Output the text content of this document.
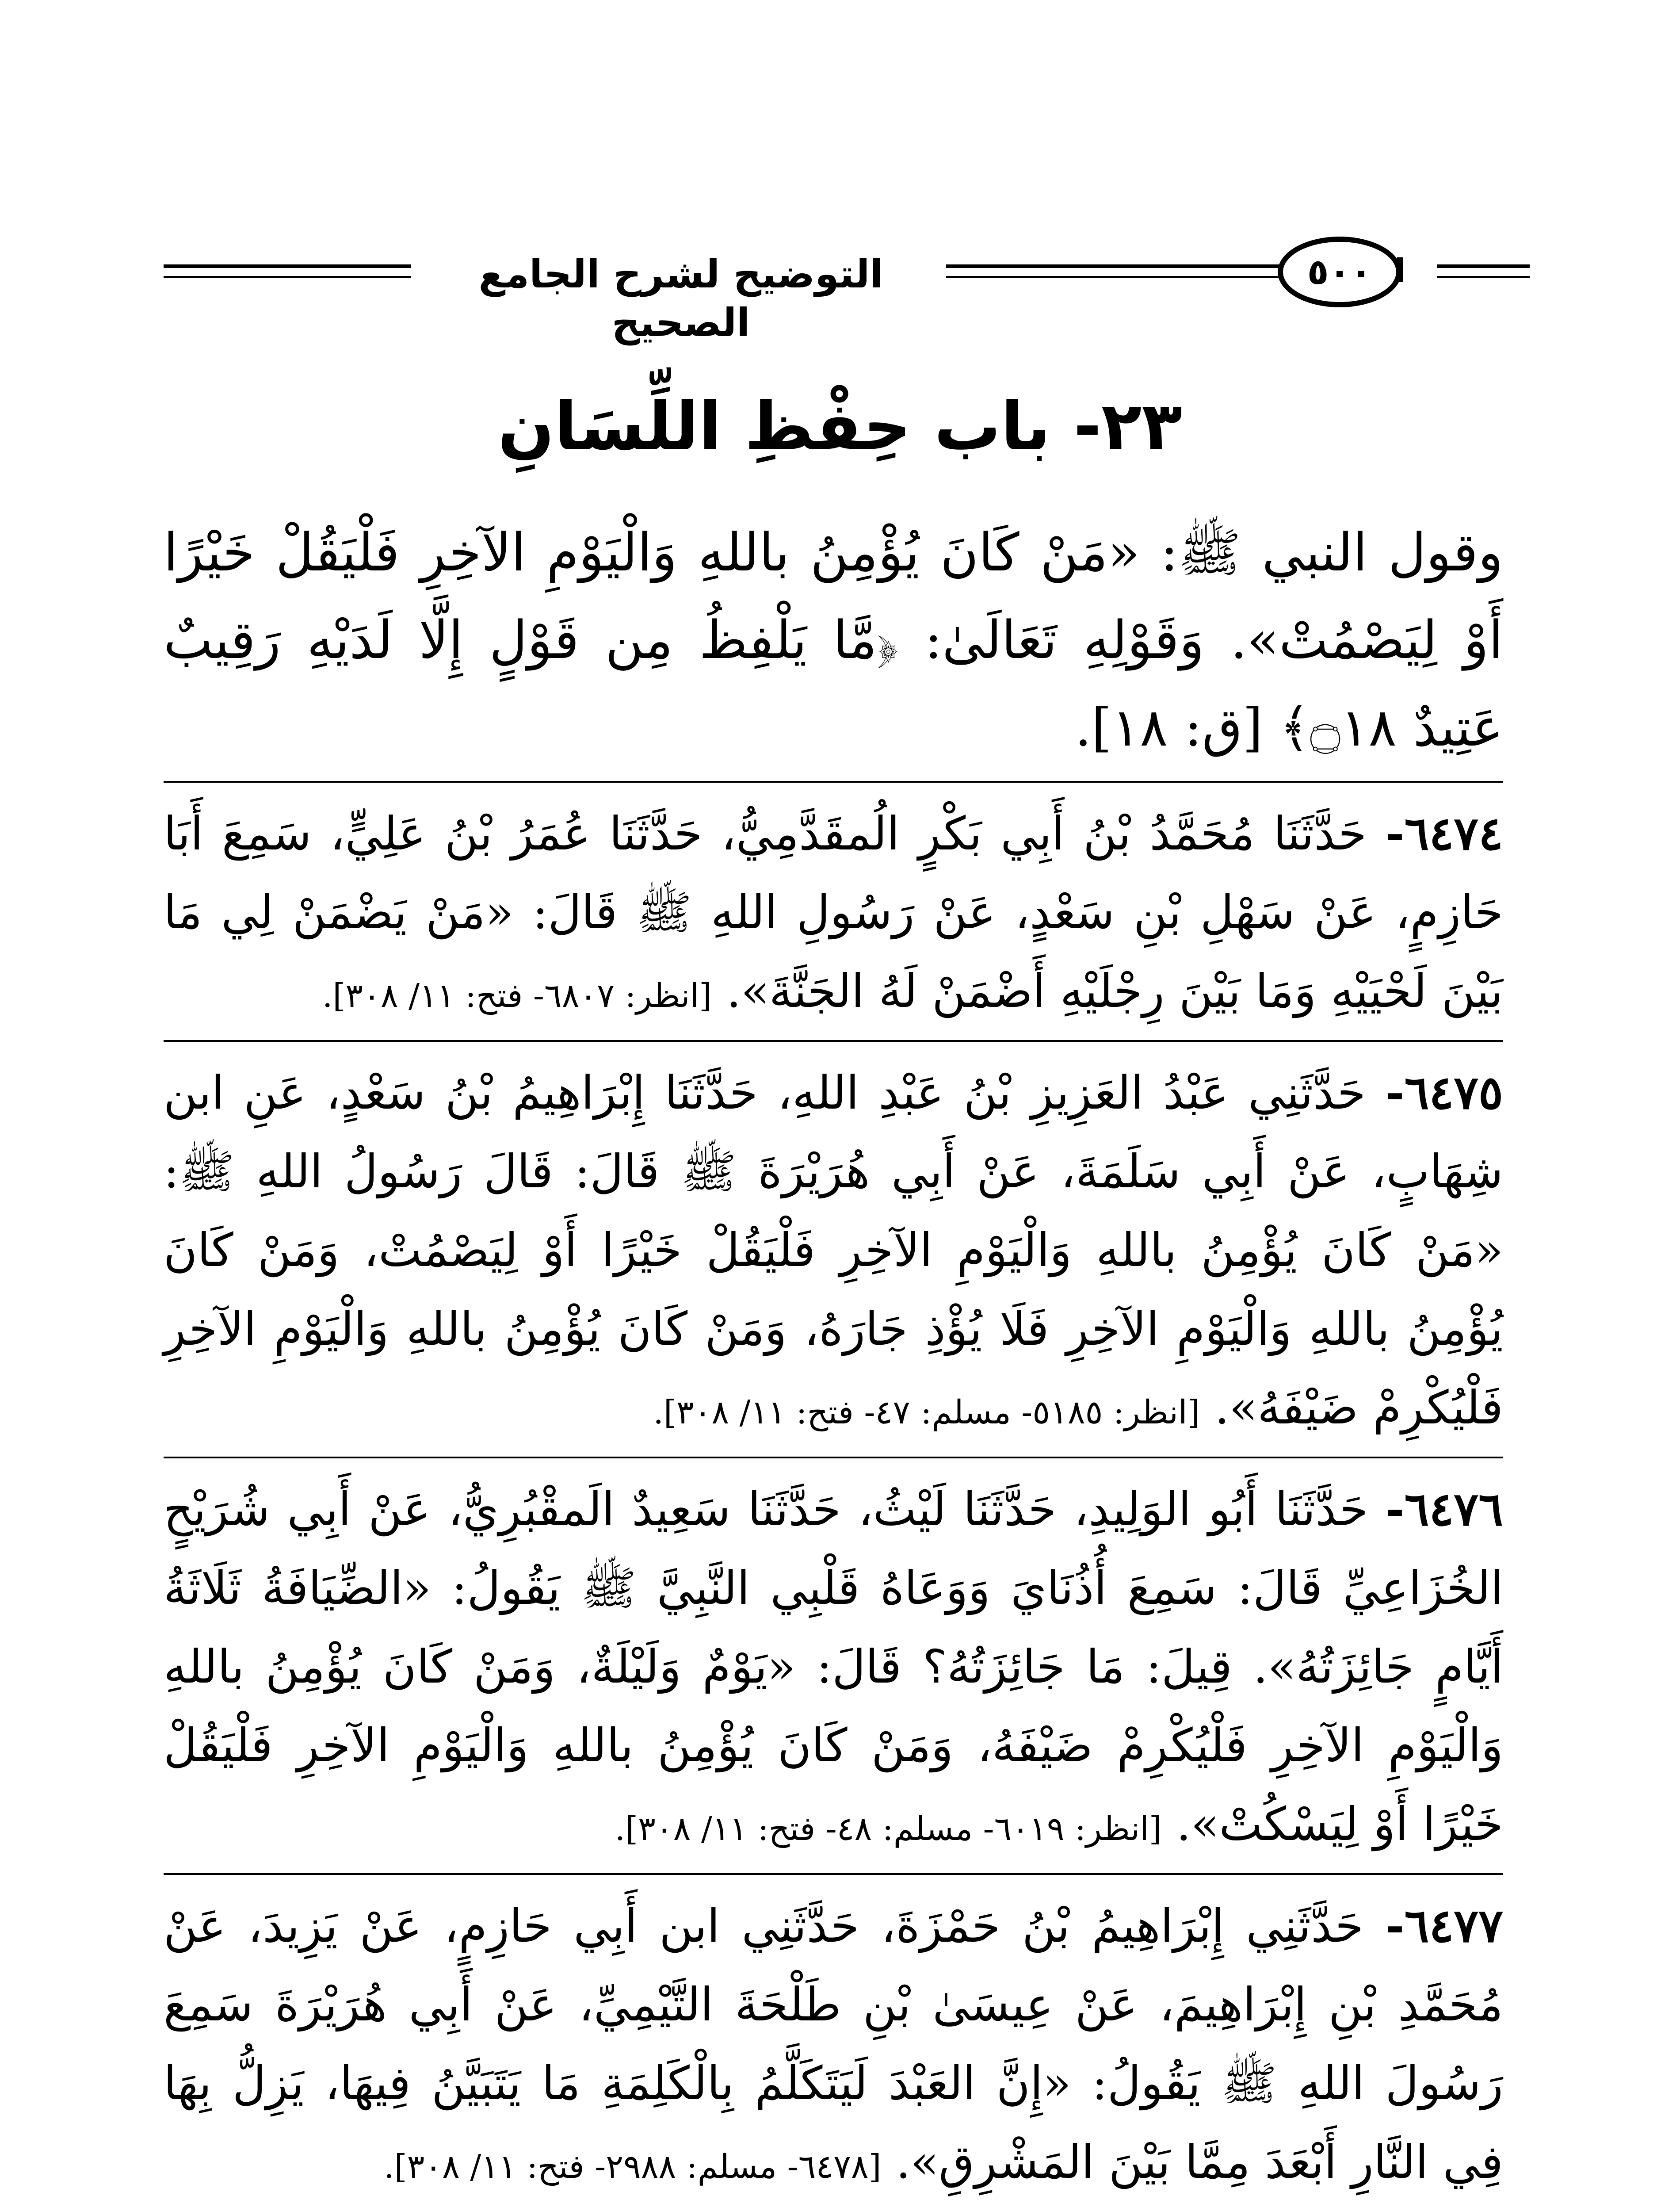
التوضيح لشرح الجامع الصحيح
٥٠٠
٢٣- باب حِفْظِ اللِّسَانِ

وقول النبي ﷺ: «مَنْ كَانَ يُؤْمِنُ باللهِ وَالْيَوْمِ الآخِرِ فَلْيَقُلْ خَيْرًا أَوْ لِيَصْمُتْ». وَقَوْلِهِ تَعَالَىٰ: ﴿مَّا يَلْفِظُ مِن قَوْلٍ إِلَّا لَدَيْهِ رَقِيبٌ عَتِيدٌ ۝١٨﴾ [ق: ١٨].

٦٤٧٤- حَدَّثَنَا مُحَمَّدُ بْنُ أَبِي بَكْرٍ الُمقَدَّمِيُّ، حَدَّثَنَا عُمَرُ بْنُ عَلِيٍّ، سَمِعَ أَبَا حَازِمٍ، عَنْ سَهْلِ بْنِ سَعْدٍ، عَنْ رَسُولِ اللهِ ﷺ قَالَ: «مَنْ يَضْمَنْ لِي مَا بَيْنَ لَحْيَيْهِ وَمَا بَيْنَ رِجْلَيْهِ أَضْمَنْ لَهُ الجَنَّةَ». [انظر: ٦٨٠٧- فتح: ١١/ ٣٠٨].

٦٤٧٥- حَدَّثَنِي عَبْدُ العَزِيزِ بْنُ عَبْدِ اللهِ، حَدَّثَنَا إِبْرَاهِيمُ بْنُ سَعْدٍ، عَنِ ابن شِهَابٍ، عَنْ أَبِي سَلَمَةَ، عَنْ أَبِي هُرَيْرَةَ ﷺ قَالَ: قَالَ رَسُولُ اللهِ ﷺ: «مَنْ كَانَ يُؤْمِنُ باللهِ وَالْيَوْمِ الآخِرِ فَلْيَقُلْ خَيْرًا أَوْ لِيَصْمُتْ، وَمَنْ كَانَ يُؤْمِنُ باللهِ وَالْيَوْمِ الآخِرِ فَلَا يُؤْذِ جَارَهُ، وَمَنْ كَانَ يُؤْمِنُ باللهِ وَالْيَوْمِ الآخِرِ فَلْيُكْرِمْ ضَيْفَهُ». [انظر: ٥١٨٥- مسلم: ٤٧- فتح: ١١/ ٣٠٨].

٦٤٧٦- حَدَّثَنَا أَبُو الوَلِيدِ، حَدَّثَنَا لَيْثُ، حَدَّثَنَا سَعِيدٌ الَمقْبُرِيُّ، عَنْ أَبِي شُرَيْحٍ الخُزَاعِيِّ قَالَ: سَمِعَ أُذُنَايَ وَوَعَاهُ قَلْبِي النَّبِيَّ ﷺ يَقُولُ: «الضِّيَافَةُ ثَلَاثَةُ أَيَّامٍ جَائِزَتُهُ». قِيلَ: مَا جَائِزَتُهُ؟ قَالَ: «يَوْمٌ وَلَيْلَةٌ، وَمَنْ كَانَ يُؤْمِنُ باللهِ وَالْيَوْمِ الآخِرِ فَلْيُكْرِمْ ضَيْفَهُ، وَمَنْ كَانَ يُؤْمِنُ باللهِ وَالْيَوْمِ الآخِرِ فَلْيَقُلْ خَيْرًا أَوْ لِيَسْكُتْ». [انظر: ٦٠١٩- مسلم: ٤٨- فتح: ١١/ ٣٠٨].

٦٤٧٧- حَدَّثَنِي إِبْرَاهِيمُ بْنُ حَمْزَةَ، حَدَّثَنِي ابن أَبِي حَازِمٍ، عَنْ يَزِيدَ، عَنْ مُحَمَّدِ بْنِ إِبْرَاهِيمَ، عَنْ عِيسَىٰ بْنِ طَلْحَةَ التَّيْمِيِّ، عَنْ أَبِي هُرَيْرَةَ سَمِعَ رَسُولَ اللهِ ﷺ يَقُولُ: «إِنَّ العَبْدَ لَيَتَكَلَّمُ بِالْكَلِمَةِ مَا يَتَبَيَّنُ فِيهَا، يَزِلُّ بِهَا فِي النَّارِ أَبْعَدَ مِمَّا بَيْنَ المَشْرِقِ». [٦٤٧٨- مسلم: ٢٩٨٨- فتح: ١١/ ٣٠٨].
